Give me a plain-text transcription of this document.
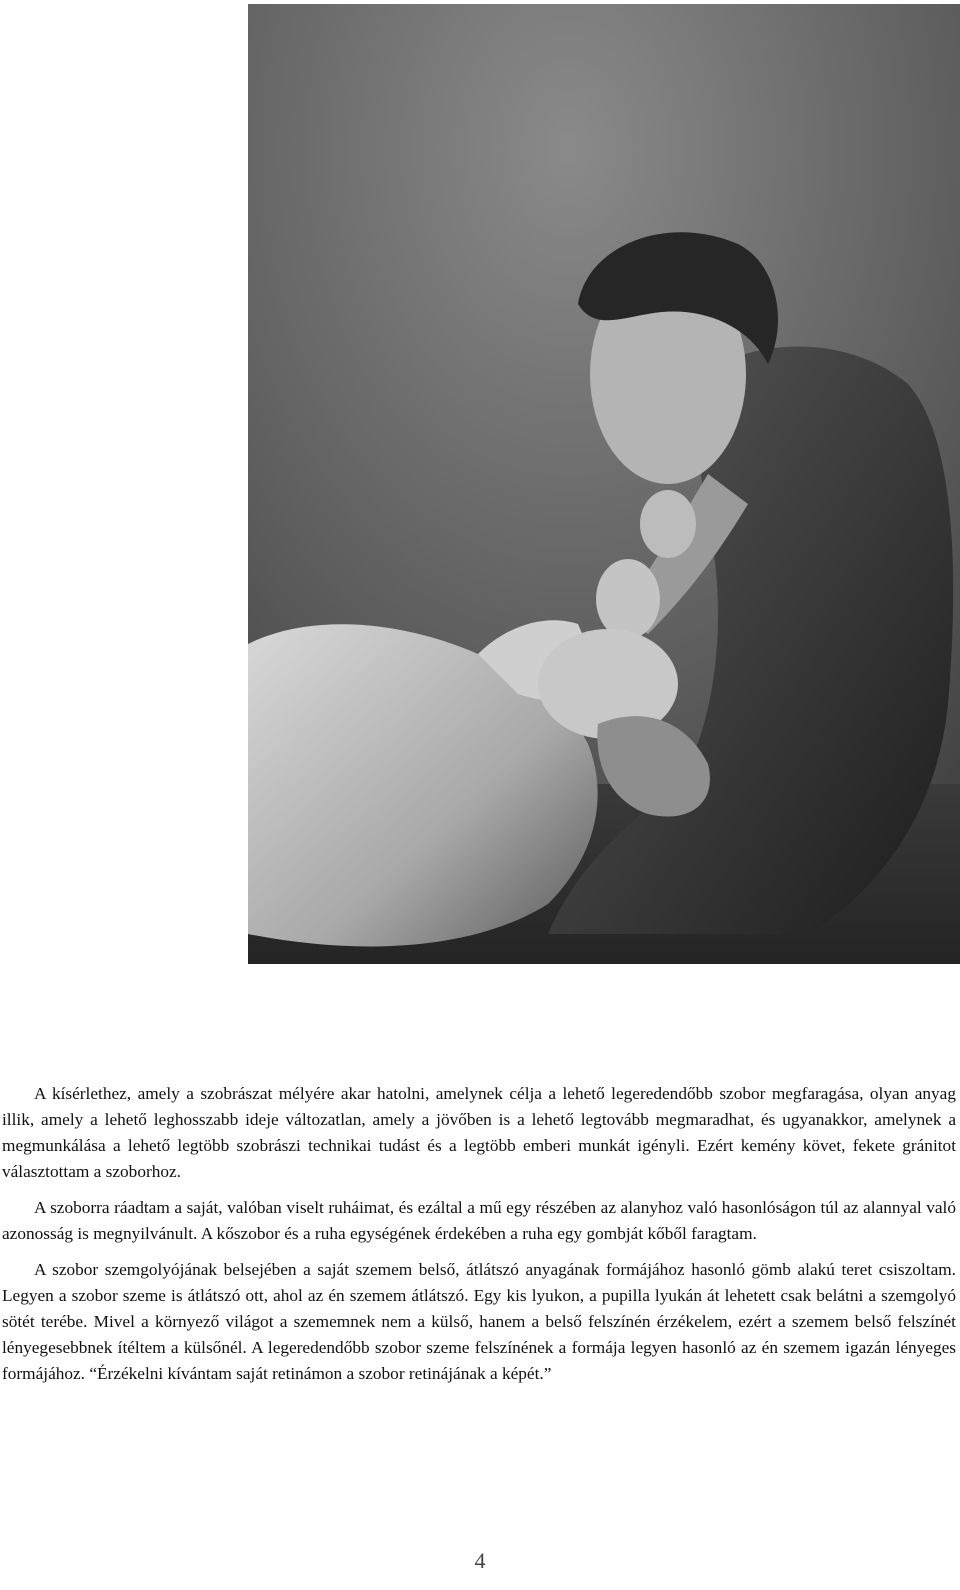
A kísérlethez, amely a szobrászat mélyére akar hatolni, amelynek célja a lehető legeredendőbb szobor megfaragása, olyan anyag illik, amely a lehető leghosszabb ideje változatlan, amely a jövőben is a lehető legtovább megmaradhat, és ugyanakkor, amelynek a megmunkálása a lehető legtöbb szobrászi technikai tudást és a legtöbb emberi munkát igényli. Ezért kemény követ, fekete gránitot választottam a szoborhoz.

A szoborra ráadtam a saját, valóban viselt ruháimat, és ezáltal a mű egy részében az alanyhoz való hasonlóságon túl az alannyal való azonosság is megnyilvánult. A kőszobor és a ruha egységének érdekében a ruha egy gombját kőből faragtam.

A szobor szemgolyójának belsejében a saját szemem belső, átlátszó anyagának formájához hasonló gömb alakú teret csiszoltam. Legyen a szobor szeme is átlátszó ott, ahol az én szemem átlátszó. Egy kis lyukon, a pupilla lyukán át lehetett csak belátni a szemgolyó sötét terébe. Mivel a környező világot a szememnek nem a külső, hanem a belső felszínén érzékelem, ezért a szemem belső felszínét lényegesebbnek ítéltem a külsőnél. A legeredendőbb szobor szeme felszínének a formája legyen hasonló az én szemem igazán lényeges formájához. “Érzékelni kívántam saját retinámon a szobor retinájának a képét.”

4
